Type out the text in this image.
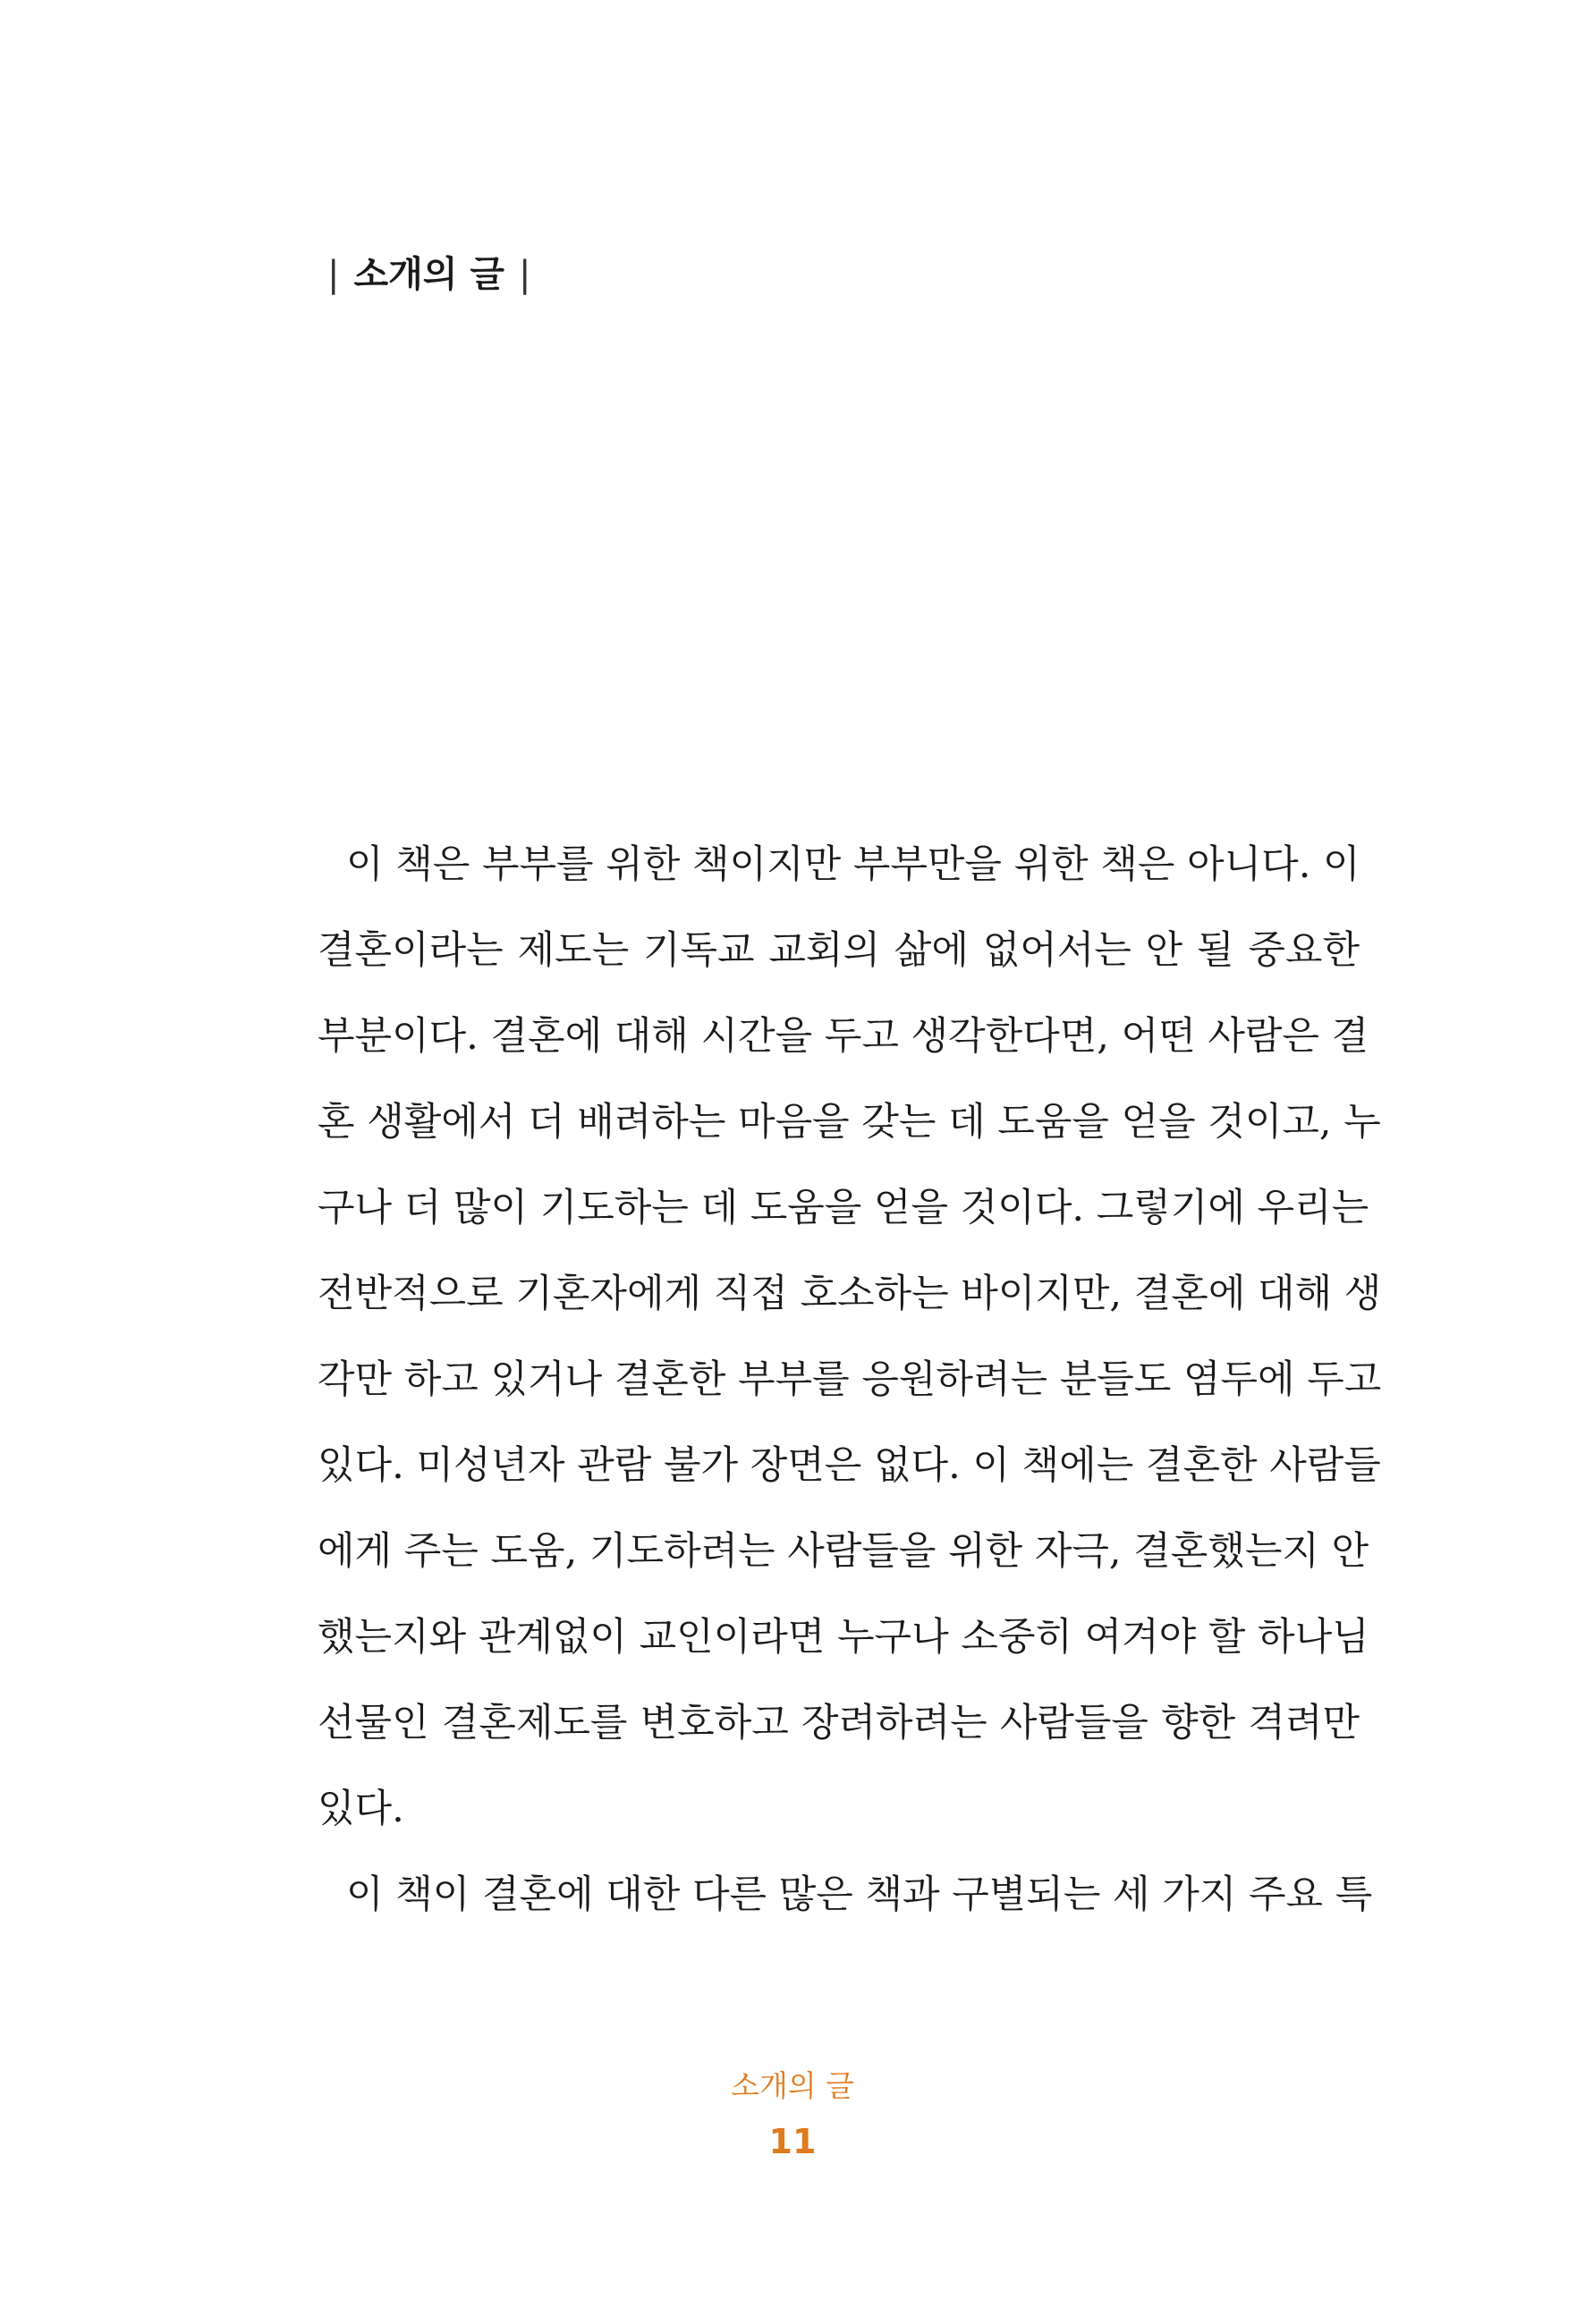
| 소개의 글 |
이 책은 부부를 위한 책이지만 부부만을 위한 책은 아니다. 이
결혼이라는 제도는 기독교 교회의 삶에 없어서는 안 될 중요한
부분이다. 결혼에 대해 시간을 두고 생각한다면, 어떤 사람은 결
혼 생활에서 더 배려하는 마음을 갖는 데 도움을 얻을 것이고, 누
구나 더 많이 기도하는 데 도움을 얻을 것이다. 그렇기에 우리는
전반적으로 기혼자에게 직접 호소하는 바이지만, 결혼에 대해 생
각만 하고 있거나 결혼한 부부를 응원하려는 분들도 염두에 두고
있다. 미성년자 관람 불가 장면은 없다. 이 책에는 결혼한 사람들
에게 주는 도움, 기도하려는 사람들을 위한 자극, 결혼했는지 안
했는지와 관계없이 교인이라면 누구나 소중히 여겨야 할 하나님
선물인 결혼제도를 변호하고 장려하려는 사람들을 향한 격려만
있다.
이 책이 결혼에 대한 다른 많은 책과 구별되는 세 가지 주요 특
소개의 글
11
